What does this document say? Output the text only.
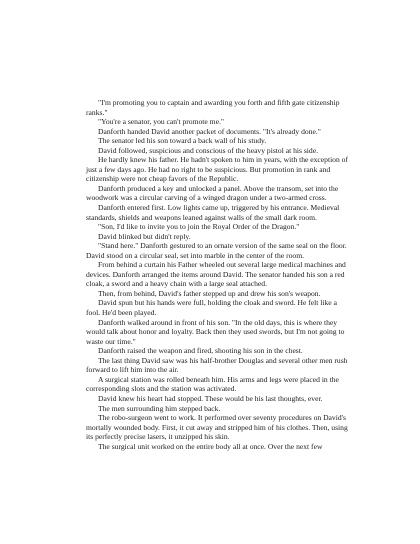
"I'm promoting you to captain and awarding you forth and fifth gate citizenship ranks."

"You're a senator, you can't promote me."

Danforth handed David another packet of documents. "It's already done."

The senator led his son toward a back wall of his study.

David followed, suspicious and conscious of the heavy pistol at his side.

He hardly knew his father. He hadn't spoken to him in years, with the exception of just a few days ago. He had no right to be suspicious. But promotion in rank and citizenship were not cheap favors of the Republic.

Danforth produced a key and unlocked a panel. Above the transom, set into the woodwork was a circular carving of a winged dragon under a two-armed cross.

Danforth entered first. Low lights came up, triggered by his entrance. Medieval standards, shields and weapons leaned against walls of the small dark room.

"Son, I'd like to invite you to join the Royal Order of the Dragon."

David blinked but didn't reply.

"Stand here." Danforth gestured to an ornate version of the same seal on the floor. David stood on a circular seal, set into marble in the center of the room.

From behind a curtain his Father wheeled out several large medical machines and devices. Danforth arranged the items around David. The senator handed his son a red cloak, a sword and a heavy chain with a large seal attached.

Then, from behind, David's father stepped up and drew his son's weapon.

David spun but his hands were full, holding the cloak and sword. He felt like a fool. He'd been played.

Danforth walked around in front of his son. "In the old days, this is where they would talk about honor and loyalty. Back then they used swords, but I'm not going to waste our time."

Danforth raised the weapon and fired, shooting his son in the chest.

The last thing David saw was his half-brother Douglas and several other men rush forward to lift him into the air.

A surgical station was rolled beneath him. His arms and legs were placed in the corresponding slots and the station was activated.

David knew his heart had stopped. These would be his last thoughts, ever.

The men surrounding him stepped back.

The robo-surgeon went to work. It performed over seventy procedures on David's mortally wounded body. First, it cut away and stripped him of his clothes. Then, using its perfectly precise lasers, it unzipped his skin.

The surgical unit worked on the entire body all at once. Over the next few
